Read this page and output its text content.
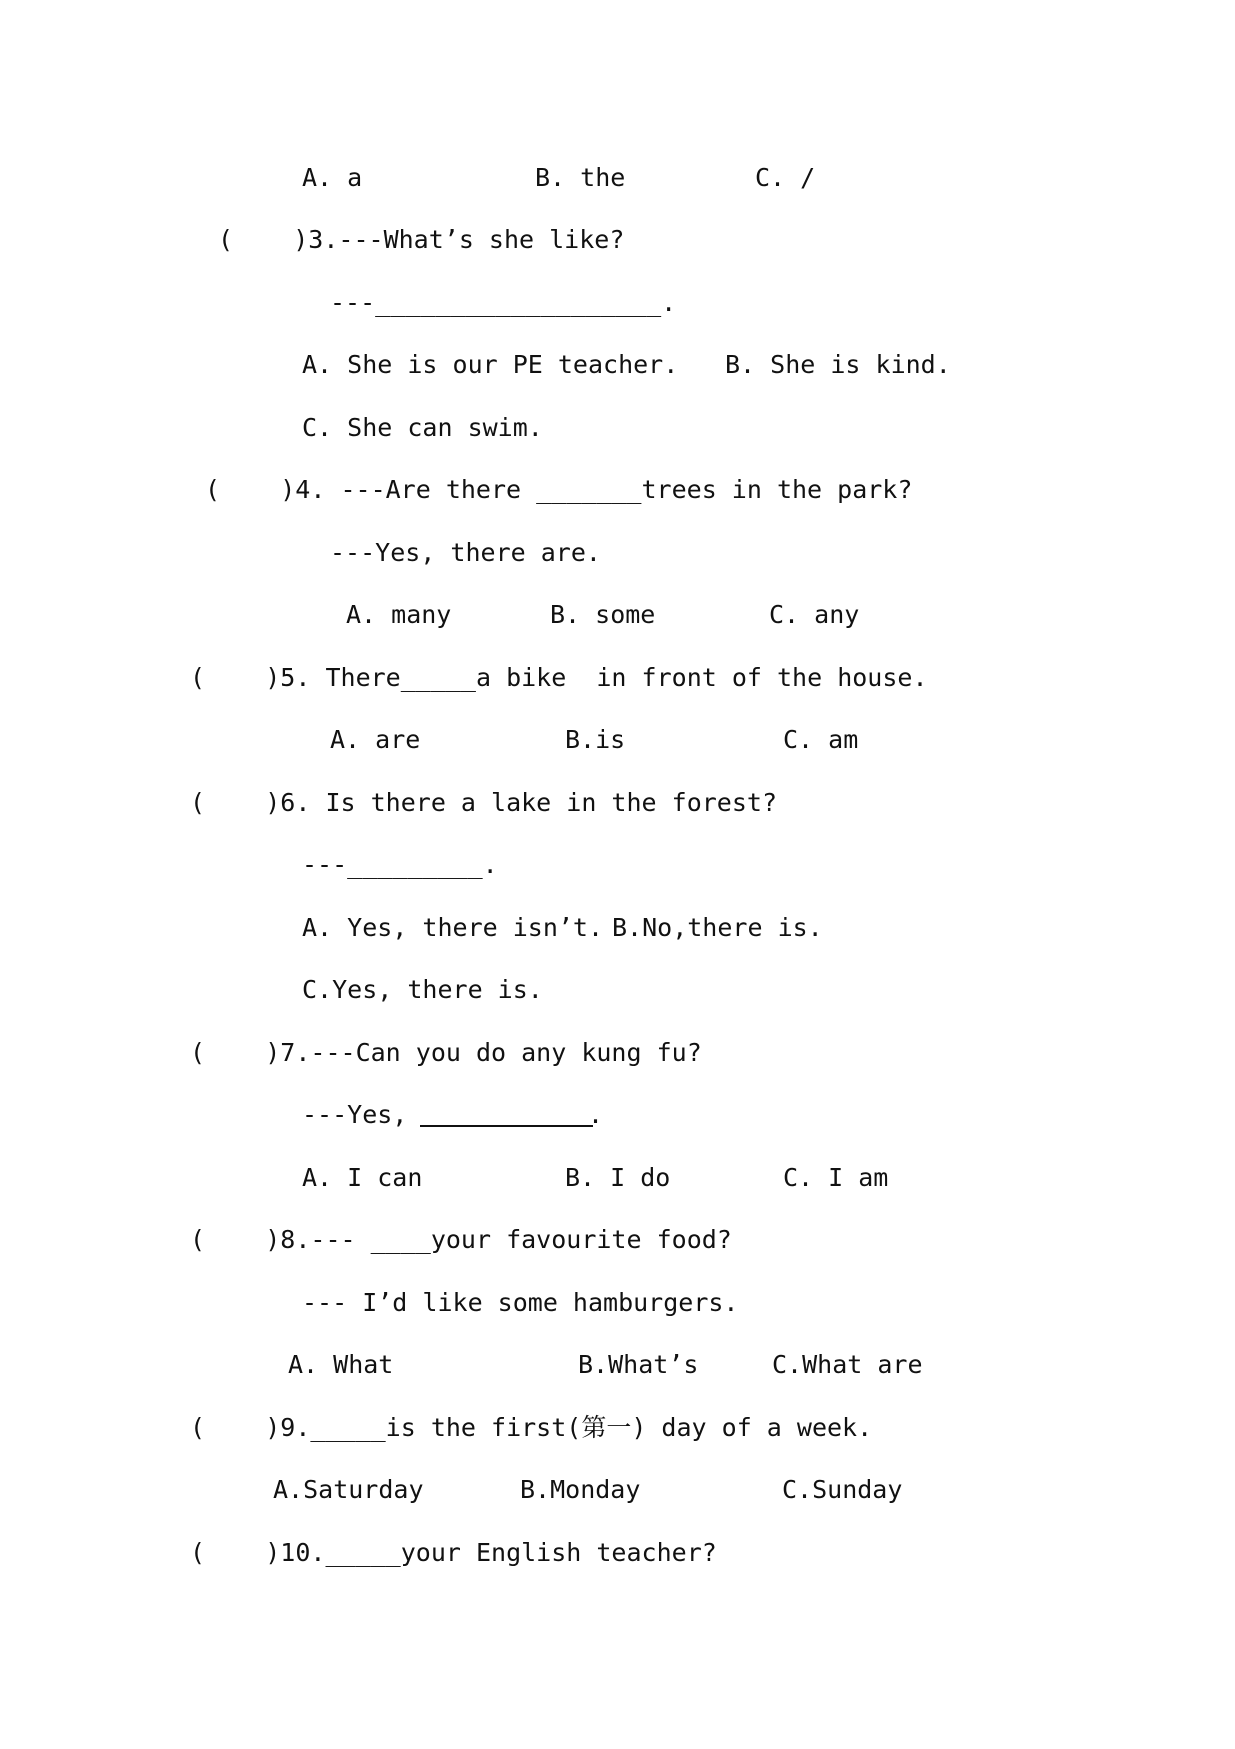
A. a	B. the	C. /
(    )3.---What’s she like?
---___________________.
A. She is our PE teacher. B. She is kind.
C. She can swim.
(    )4. ---Are there _______trees in the park?
---Yes, there are.
A. many	B. some	C. any
(    )5. There_____a bike  in front of the house.
A. are	B.is	C. am
(    )6. Is there a lake in the forest?
---_________.
A. Yes, there isn’t. B.No,there is.
C.Yes, there is.
(    )7.---Can you do any kung fu?
---Yes,            .
A. I can	B. I do	C. I am
(    )8.--- ____your favourite food?
--- I’d like some hamburgers.
A. What	B.What’s	C.What are
(    )9._____is the first(第一) day of a week.
A.Saturday	B.Monday	C.Sunday
(    )10._____your English teacher?
